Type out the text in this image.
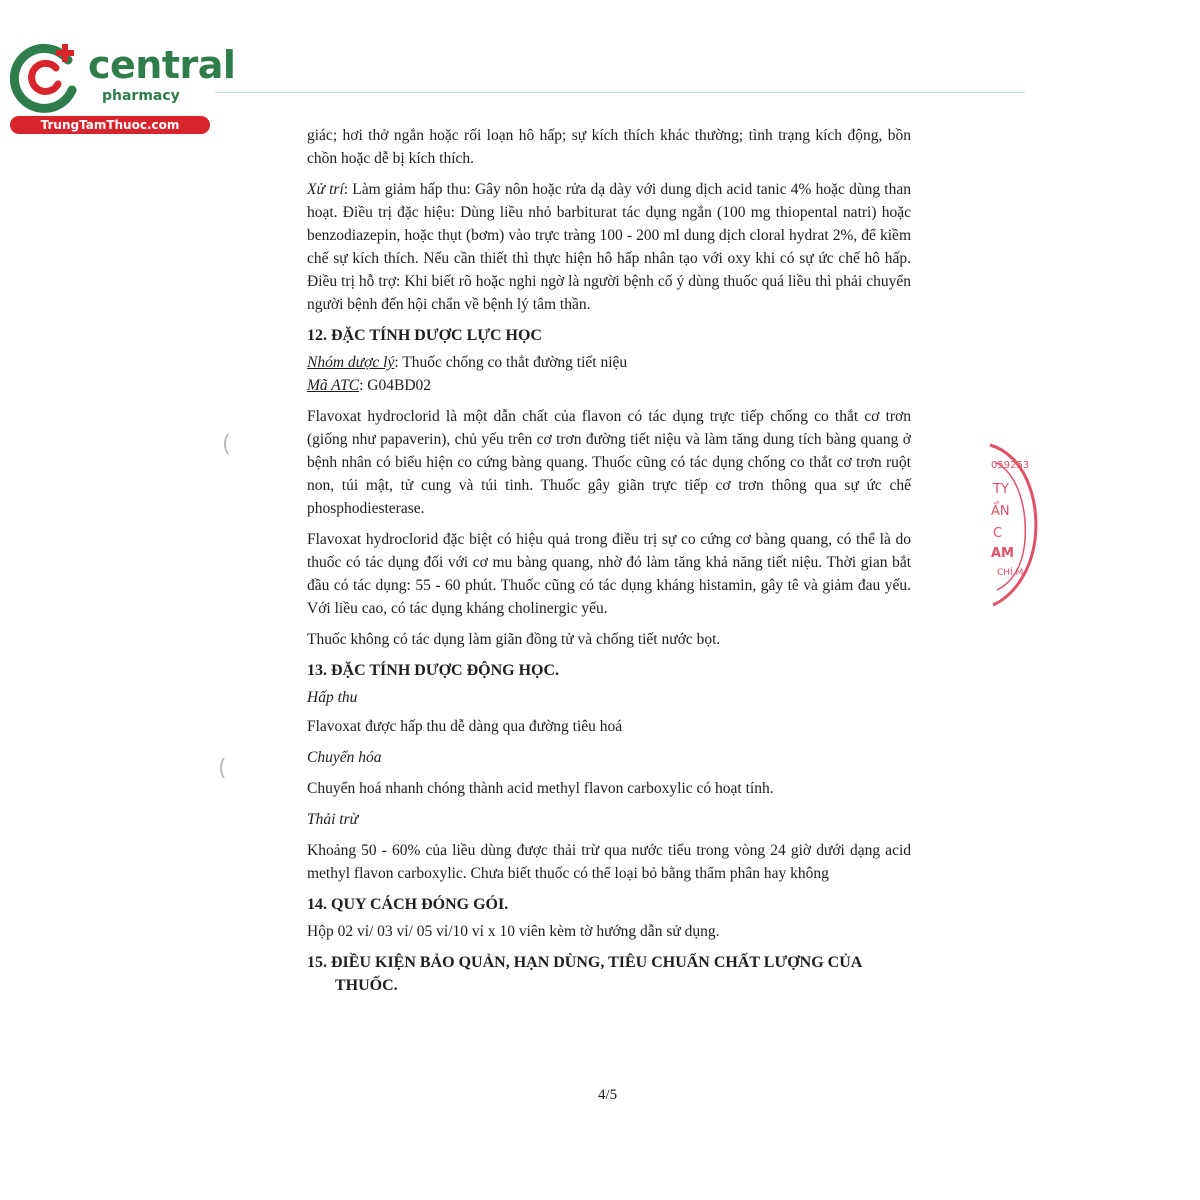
central
pharmacy
TrungTamThuoc.com
(
(

giác; hơi thở ngắn hoặc rối loạn hô hấp; sự kích thích khác thường; tình trạng kích động, bồn chồn hoặc dễ bị kích thích.

Xử trí: Làm giảm hấp thu: Gây nôn hoặc rửa dạ dày với dung dịch acid tanic 4% hoặc dùng than hoạt. Điều trị đặc hiệu: Dùng liều nhỏ barbiturat tác dụng ngắn (100 mg thiopental natri) hoặc benzodiazepin, hoặc thụt (bơm) vào trực tràng 100 - 200 ml dung dịch cloral hydrat 2%, để kiềm chế sự kích thích. Nếu cần thiết thì thực hiện hô hấp nhân tạo với oxy khi có sự ức chế hô hấp. Điều trị hỗ trợ: Khi biết rõ hoặc nghi ngờ là người bệnh cố ý dùng thuốc quá liều thì phải chuyển người bệnh đến hội chẩn về bệnh lý tâm thần.

12. ĐẶC TÍNH DƯỢC LỰC HỌC

Nhóm dược lý: Thuốc chống co thắt đường tiết niệu

Mã ATC: G04BD02

Flavoxat hydroclorid là một dẫn chất của flavon có tác dụng trực tiếp chống co thắt cơ trơn (giống như papaverin), chủ yếu trên cơ trơn đường tiết niệu và làm tăng dung tích bàng quang ở bệnh nhân có biểu hiện co cứng bàng quang. Thuốc cũng có tác dụng chống co thắt cơ trơn ruột non, túi mật, tử cung và túi tinh. Thuốc gây giãn trực tiếp cơ trơn thông qua sự ức chế phosphodiesterase.

Flavoxat hydroclorid đặc biệt có hiệu quả trong điều trị sự co cứng cơ bàng quang, có thể là do thuốc có tác dụng đối với cơ mu bàng quang, nhờ đó làm tăng khả năng tiết niệu. Thời gian bắt đầu có tác dụng: 55 - 60 phút. Thuốc cũng có tác dụng kháng histamin, gây tê và giảm đau yếu. Với liều cao, có tác dụng kháng cholinergic yếu.

Thuốc không có tác dụng làm giãn đồng tử và chống tiết nước bọt.

13. ĐẶC TÍNH DƯỢC ĐỘNG HỌC.

Hấp thu

Flavoxat được hấp thu dễ dàng qua đường tiêu hoá

Chuyển hóa

Chuyển hoá nhanh chóng thành acid methyl flavon carboxylic có hoạt tính.

Thải trừ

Khoảng 50 - 60% của liều dùng được thải trừ qua nước tiểu trong vòng 24 giờ dưới dạng acid methyl flavon carboxylic. Chưa biết thuốc có thể loại bỏ bằng thẩm phân hay không

14. QUY CÁCH ĐÓNG GÓI.

Hộp 02 vỉ/ 03 vỉ/ 05 vỉ/10 vỉ x 10 viên kèm tờ hướng dẫn sử dụng.

15. ĐIỀU KIỆN BẢO QUẢN, HẠN DÙNG, TIÊU CHUẨN CHẤT LƯỢNG CỦA THUỐC.

4/5
059253
TY
ẨN
C
AM
CHÍ M
